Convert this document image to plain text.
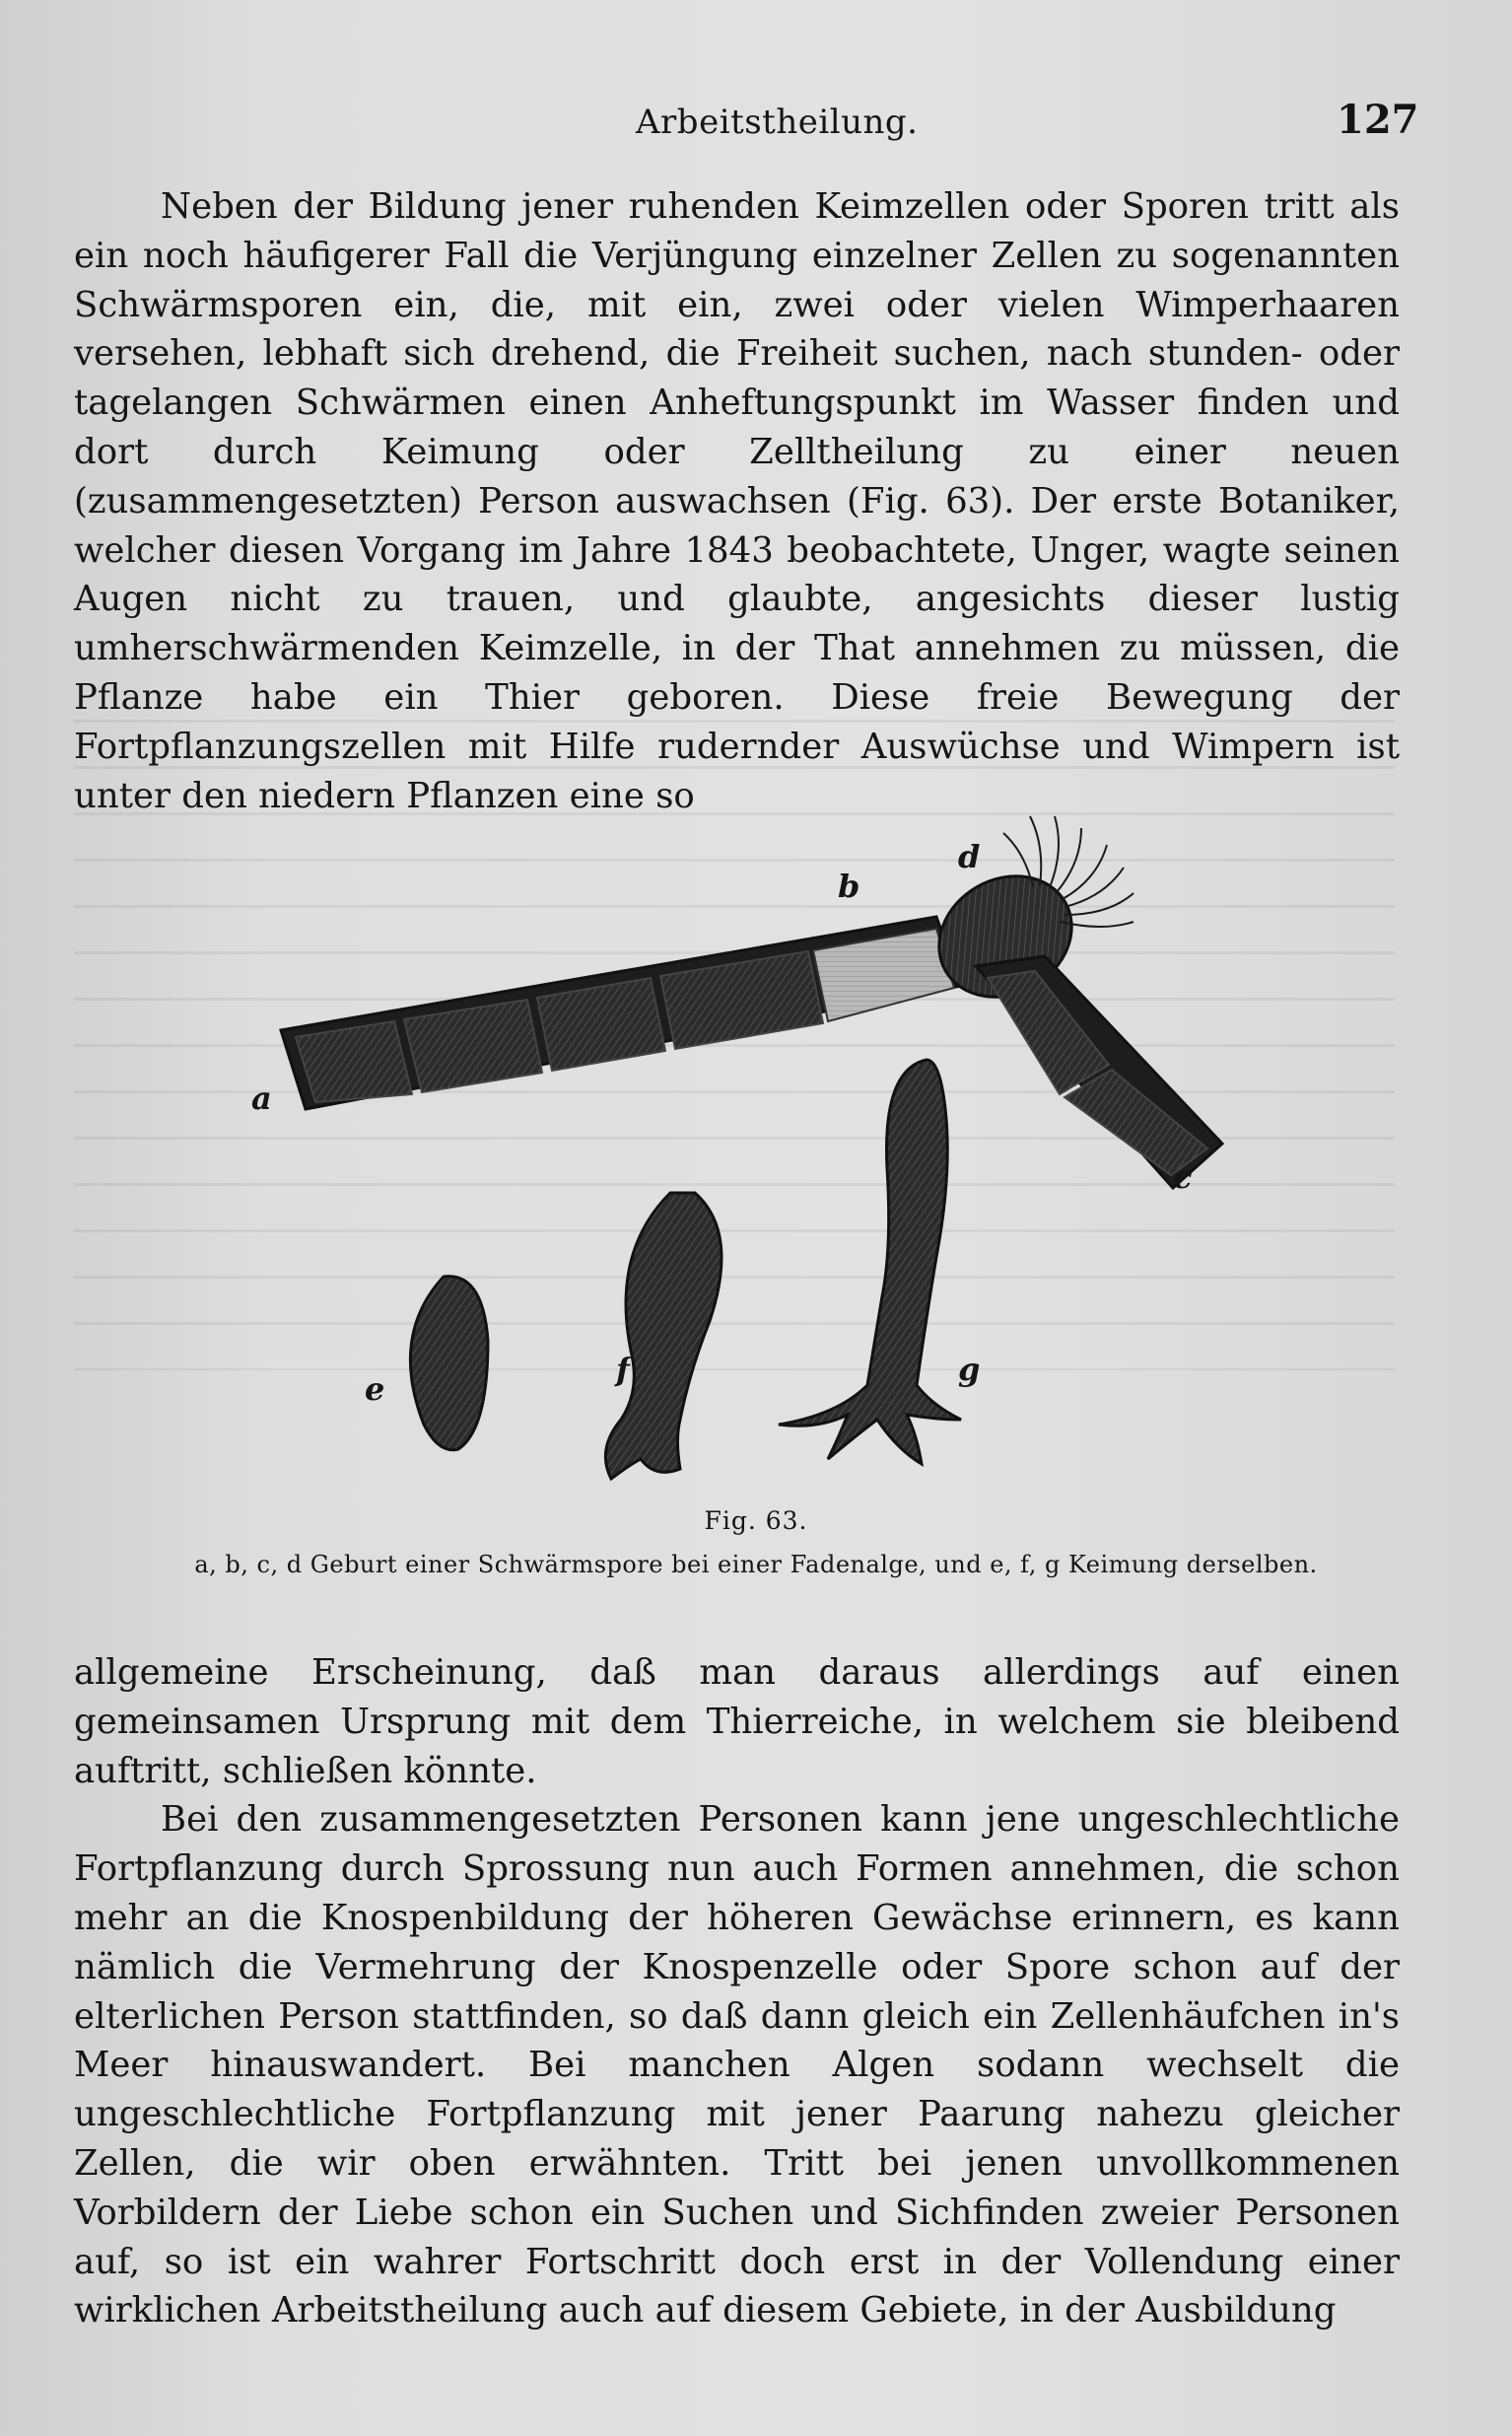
Arbeitstheilung.	127

Neben der Bildung jener ruhenden Keimzellen oder Sporen tritt als ein noch häufigerer Fall die Verjüngung einzelner Zellen zu sogenannten Schwärmsporen ein, die, mit ein, zwei oder vielen Wimperhaaren versehen, lebhaft sich drehend, die Freiheit suchen, nach stunden- oder tagelangen Schwärmen einen Anheftungspunkt im Wasser finden und dort durch Keimung oder Zelltheilung zu einer neuen (zusammengesetzten) Person auswachsen (Fig. 63). Der erste Botaniker, welcher diesen Vorgang im Jahre 1843 beobachtete, Unger, wagte seinen Augen nicht zu trauen, und glaubte, angesichts dieser lustig umherschwärmenden Keimzelle, in der That annehmen zu müssen, die Pflanze habe ein Thier geboren. Diese freie Bewegung der Fortpflanzungszellen mit Hilfe rudernder Auswüchse und Wimpern ist unter den niedern Pflanzen eine so

a
b
c
d
e
f	g
Fig. 63.
a, b, c, d Geburt einer Schwärmspore bei einer Fadenalge, und e, f, g Keimung derselben.

allgemeine Erscheinung, daß man daraus allerdings auf einen gemeinsamen Ursprung mit dem Thierreiche, in welchem sie bleibend auftritt, schließen könnte.

Bei den zusammengesetzten Personen kann jene ungeschlechtliche Fortpflanzung durch Sprossung nun auch Formen annehmen, die schon mehr an die Knospenbildung der höheren Gewächse erinnern, es kann nämlich die Vermehrung der Knospenzelle oder Spore schon auf der elterlichen Person stattfinden, so daß dann gleich ein Zellenhäufchen in's Meer hinauswandert. Bei manchen Algen sodann wechselt die ungeschlechtliche Fortpflanzung mit jener Paarung nahezu gleicher Zellen, die wir oben erwähnten. Tritt bei jenen unvollkommenen Vorbildern der Liebe schon ein Suchen und Sichfinden zweier Personen auf, so ist ein wahrer Fortschritt doch erst in der Vollendung einer wirklichen Arbeitstheilung auch auf diesem Gebiete, in der Ausbildung
